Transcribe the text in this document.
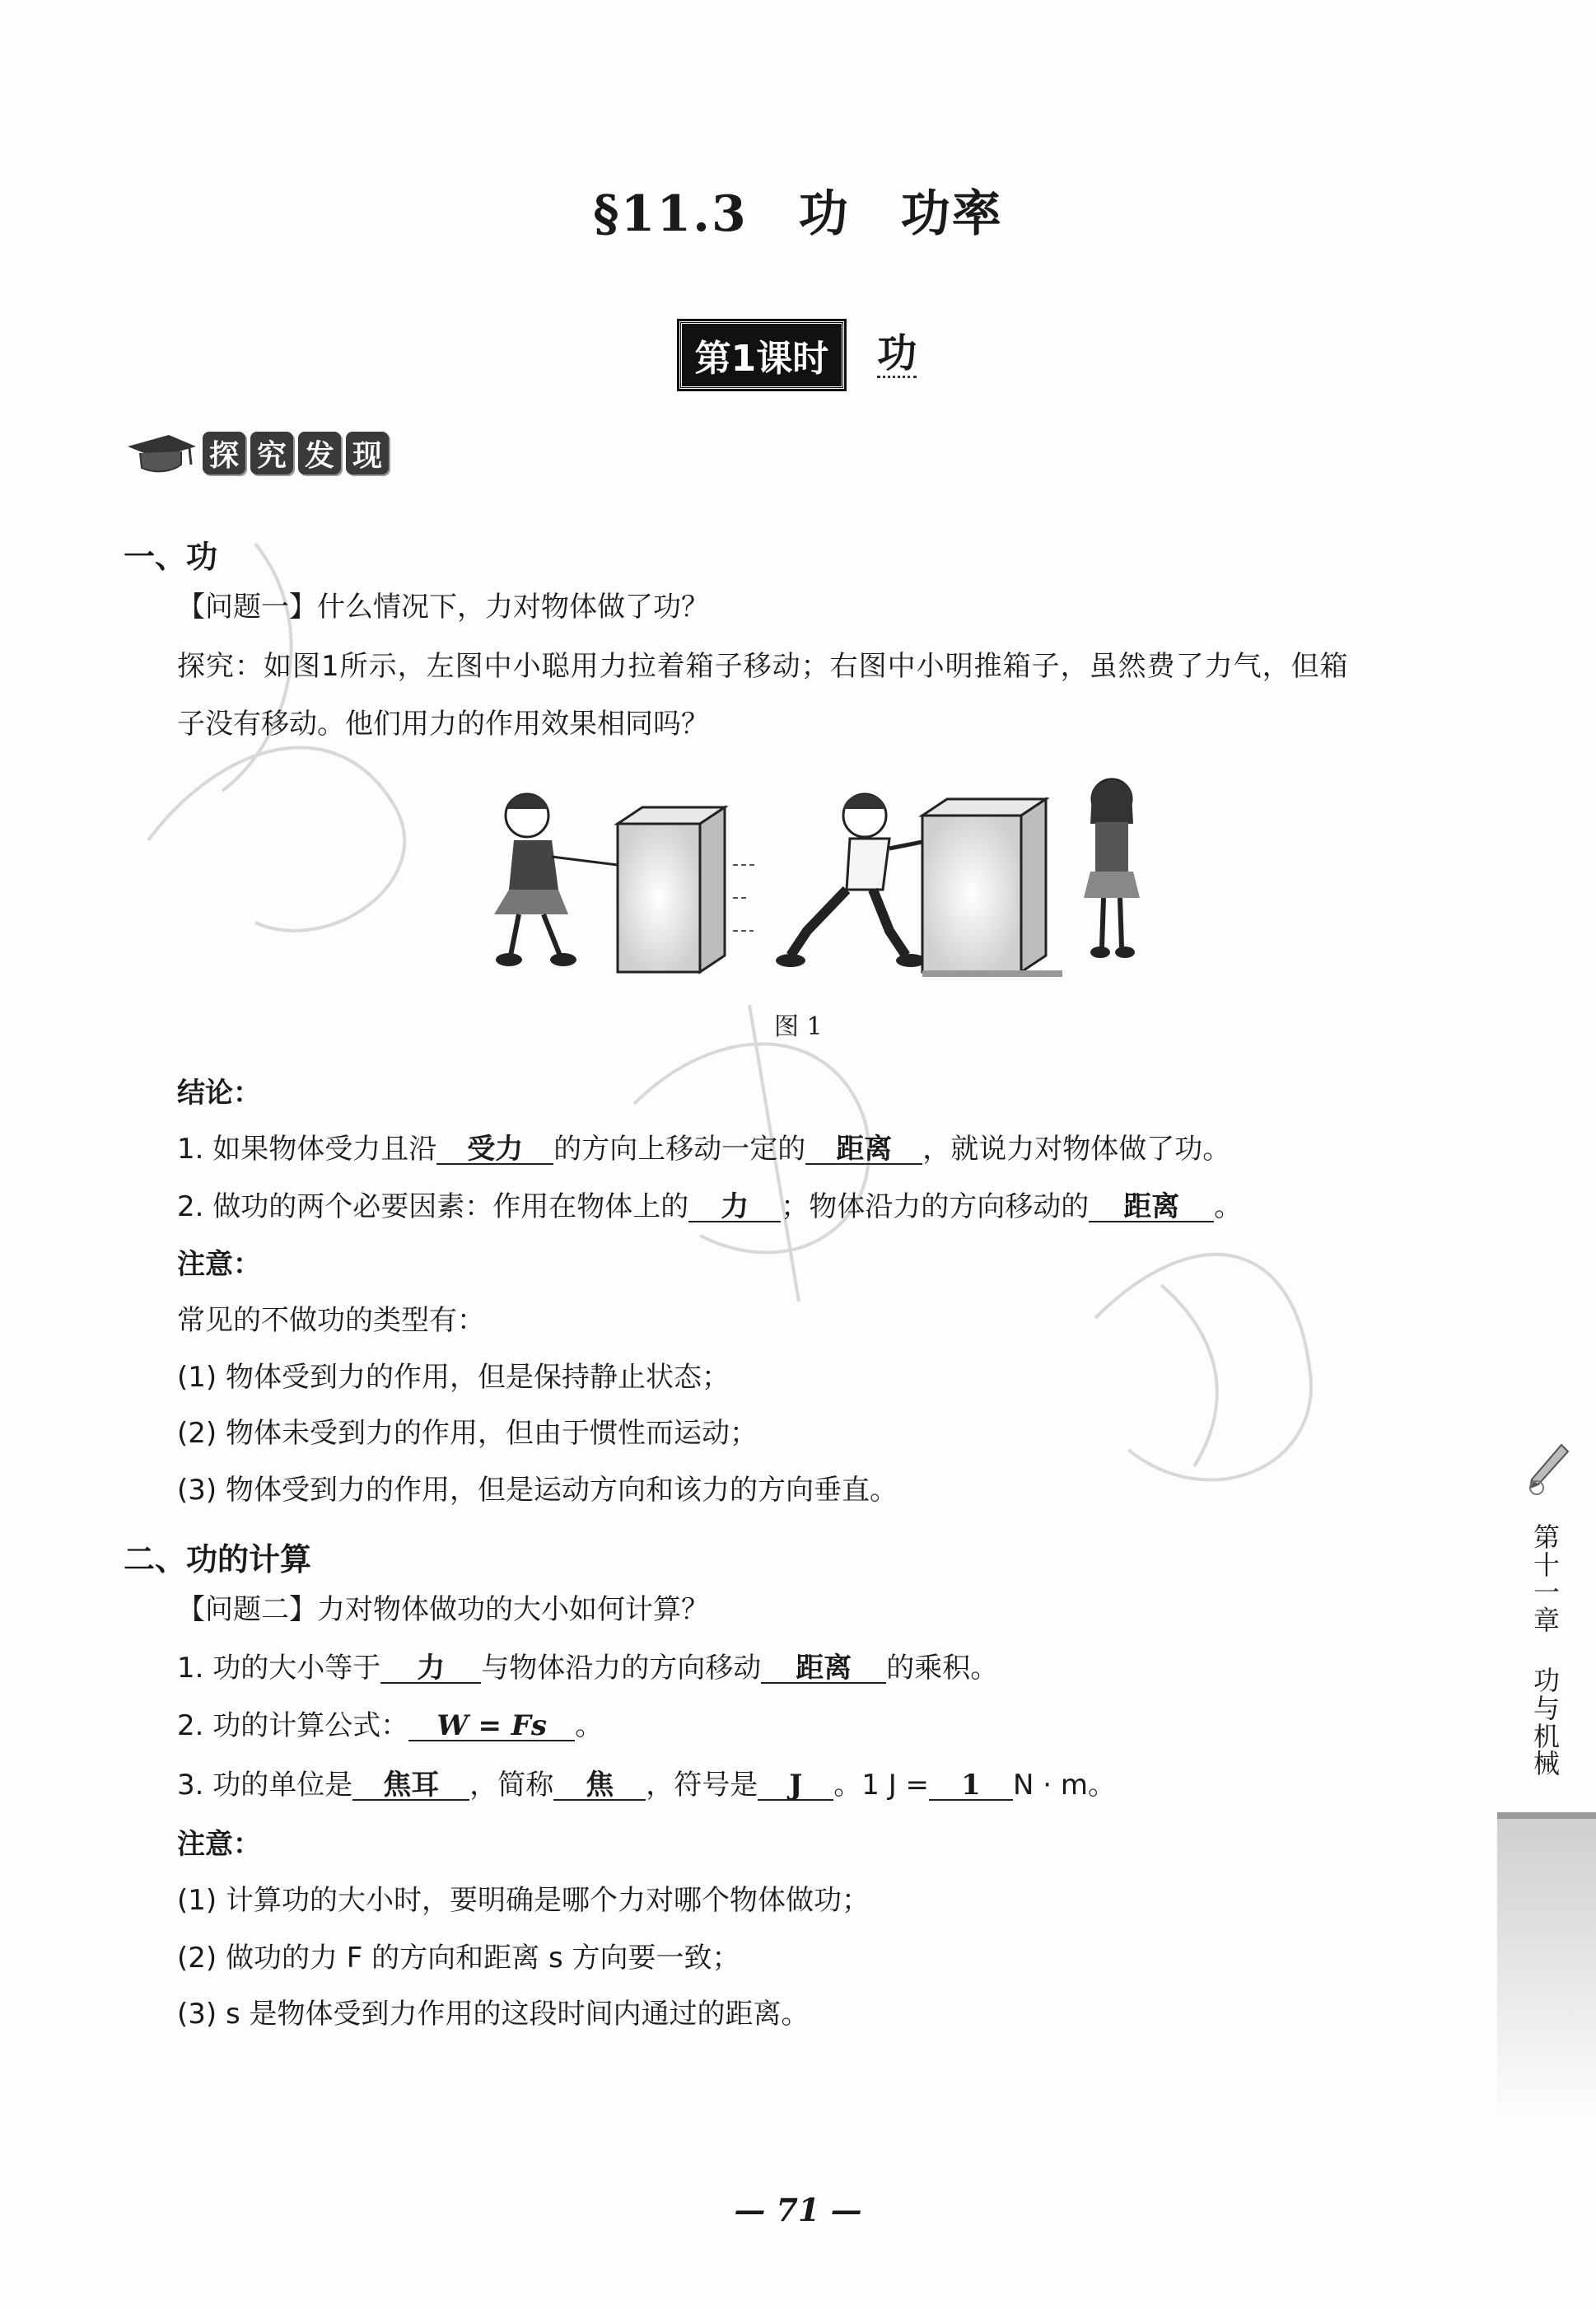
§11.3　功　功率
第1课时	功
探 究 发 现
一、功
【问题一】什么情况下，力对物体做了功？
探究：如图1所示，左图中小聪用力拉着箱子移动；右图中小明推箱子，虽然费了力气，但箱
子没有移动。他们用力的作用效果相同吗？
图 1
结论：
1. 如果物体受力且沿 受力 的方向上移动一定的 距离 ，就说力对物体做了功。
2. 做功的两个必要因素：作用在物体上的 力 ；物体沿力的方向移动的 距离 。
注意：
常见的不做功的类型有：
(1) 物体受到力的作用，但是保持静止状态；
(2) 物体未受到力的作用，但由于惯性而运动；
(3) 物体受到力的作用，但是运动方向和该力的方向垂直。
二、功的计算
【问题二】力对物体做功的大小如何计算？
1. 功的大小等于 力 与物体沿力的方向移动 距离 的乘积。
2. 功的计算公式： W = Fs 。
3. 功的单位是 焦耳 ，简称 焦 ，符号是 J 。1 J = 1 N · m。
注意：
(1) 计算功的大小时，要明确是哪个力对哪个物体做功；
(2) 做功的力 F 的方向和距离 s 方向要一致；
(3) s 是物体受到力作用的这段时间内通过的距离。
第十一章
功与机械
— 71 —
